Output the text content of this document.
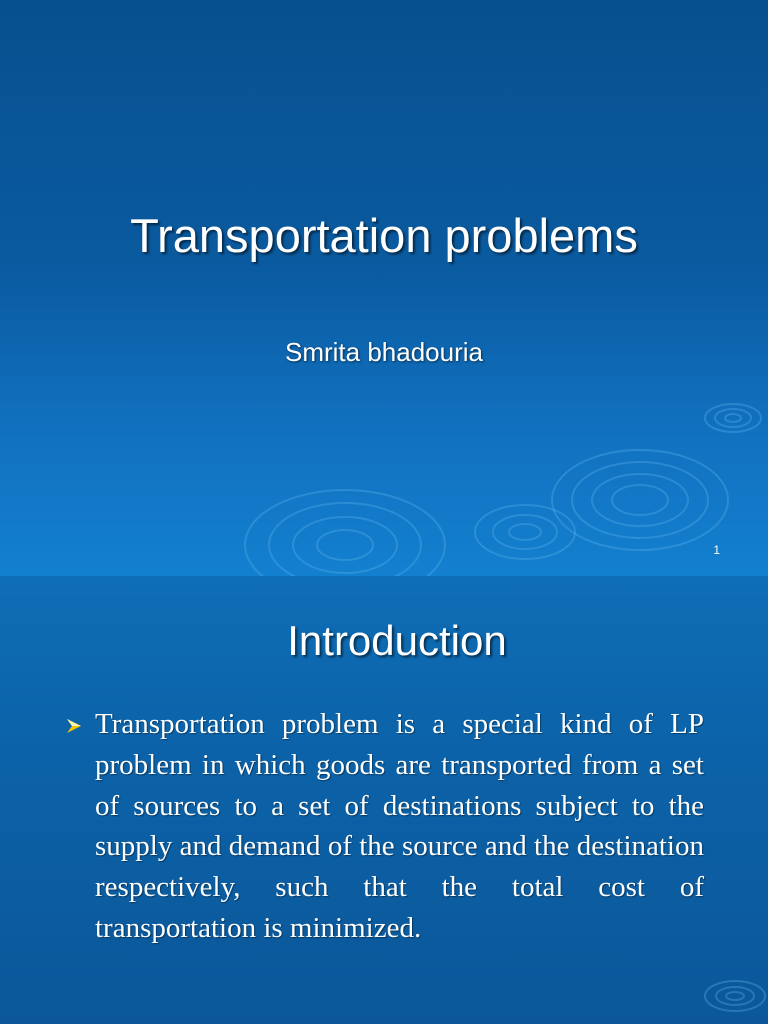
Transportation problems
Smrita bhadouria
1
Introduction
Transportation problem is a special kind of LP problem in which goods are transported from a set of sources to a set of destinations subject to the supply and demand of the source and the destination respectively, such that the total cost of transportation is minimized.
